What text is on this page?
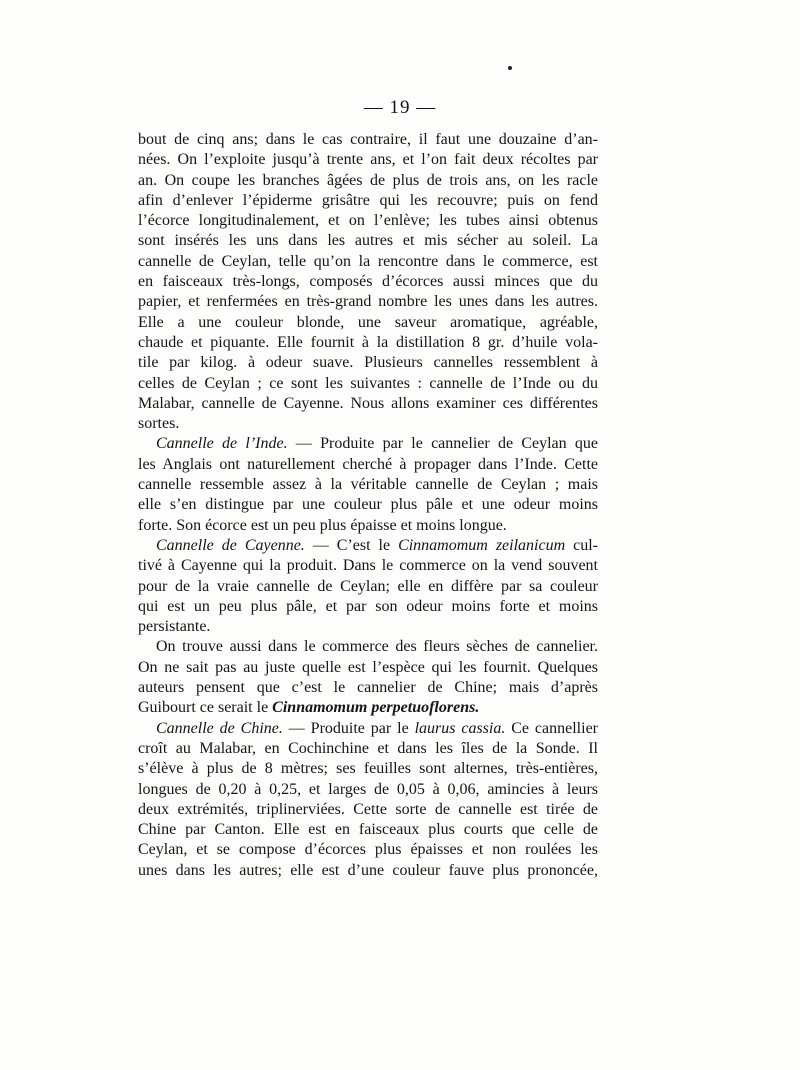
— 19 —
bout de cinq ans; dans le cas contraire, il faut une douzaine d’an-
nées. On l’exploite jusqu’à trente ans, et l’on fait deux récoltes par
an. On coupe les branches âgées de plus de trois ans, on les racle
afin d’enlever l’épiderme grisâtre qui les recouvre; puis on fend
l’écorce longitudinalement, et on l’enlève; les tubes ainsi obtenus
sont insérés les uns dans les autres et mis sécher au soleil. La
cannelle de Ceylan, telle qu’on la rencontre dans le commerce, est
en faisceaux très-longs, composés d’écorces aussi minces que du
papier, et renfermées en très-grand nombre les unes dans les autres.
Elle a une couleur blonde, une saveur aromatique, agréable,
chaude et piquante. Elle fournit à la distillation 8 gr. d’huile vola-
tile par kilog. à odeur suave. Plusieurs cannelles ressemblent à
celles de Ceylan ; ce sont les suivantes : cannelle de l’Inde ou du
Malabar, cannelle de Cayenne. Nous allons examiner ces différentes
sortes.
Cannelle de l’Inde. — Produite par le cannelier de Ceylan que
les Anglais ont naturellement cherché à propager dans l’Inde. Cette
cannelle ressemble assez à la véritable cannelle de Ceylan ; mais
elle s’en distingue par une couleur plus pâle et une odeur moins
forte. Son écorce est un peu plus épaisse et moins longue.
Cannelle de Cayenne. — C’est le Cinnamomum zeilanicum cul-
tivé à Cayenne qui la produit. Dans le commerce on la vend souvent
pour de la vraie cannelle de Ceylan; elle en diffère par sa couleur
qui est un peu plus pâle, et par son odeur moins forte et moins
persistante.
On trouve aussi dans le commerce des fleurs sèches de cannelier.
On ne sait pas au juste quelle est l’espèce qui les fournit. Quelques
auteurs pensent que c’est le cannelier de Chine; mais d’après
Guibourt ce serait le Cinnamomum perpetuoflorens.
Cannelle de Chine. — Produite par le laurus cassia. Ce cannellier
croît au Malabar, en Cochinchine et dans les îles de la Sonde. Il
s’élève à plus de 8 mètres; ses feuilles sont alternes, très-entières,
longues de 0,20 à 0,25, et larges de 0,05 à 0,06, amincies à leurs
deux extrémités, triplinerviées. Cette sorte de cannelle est tirée de
Chine par Canton. Elle est en faisceaux plus courts que celle de
Ceylan, et se compose d’écorces plus épaisses et non roulées les
unes dans les autres; elle est d’une couleur fauve plus prononcée,
